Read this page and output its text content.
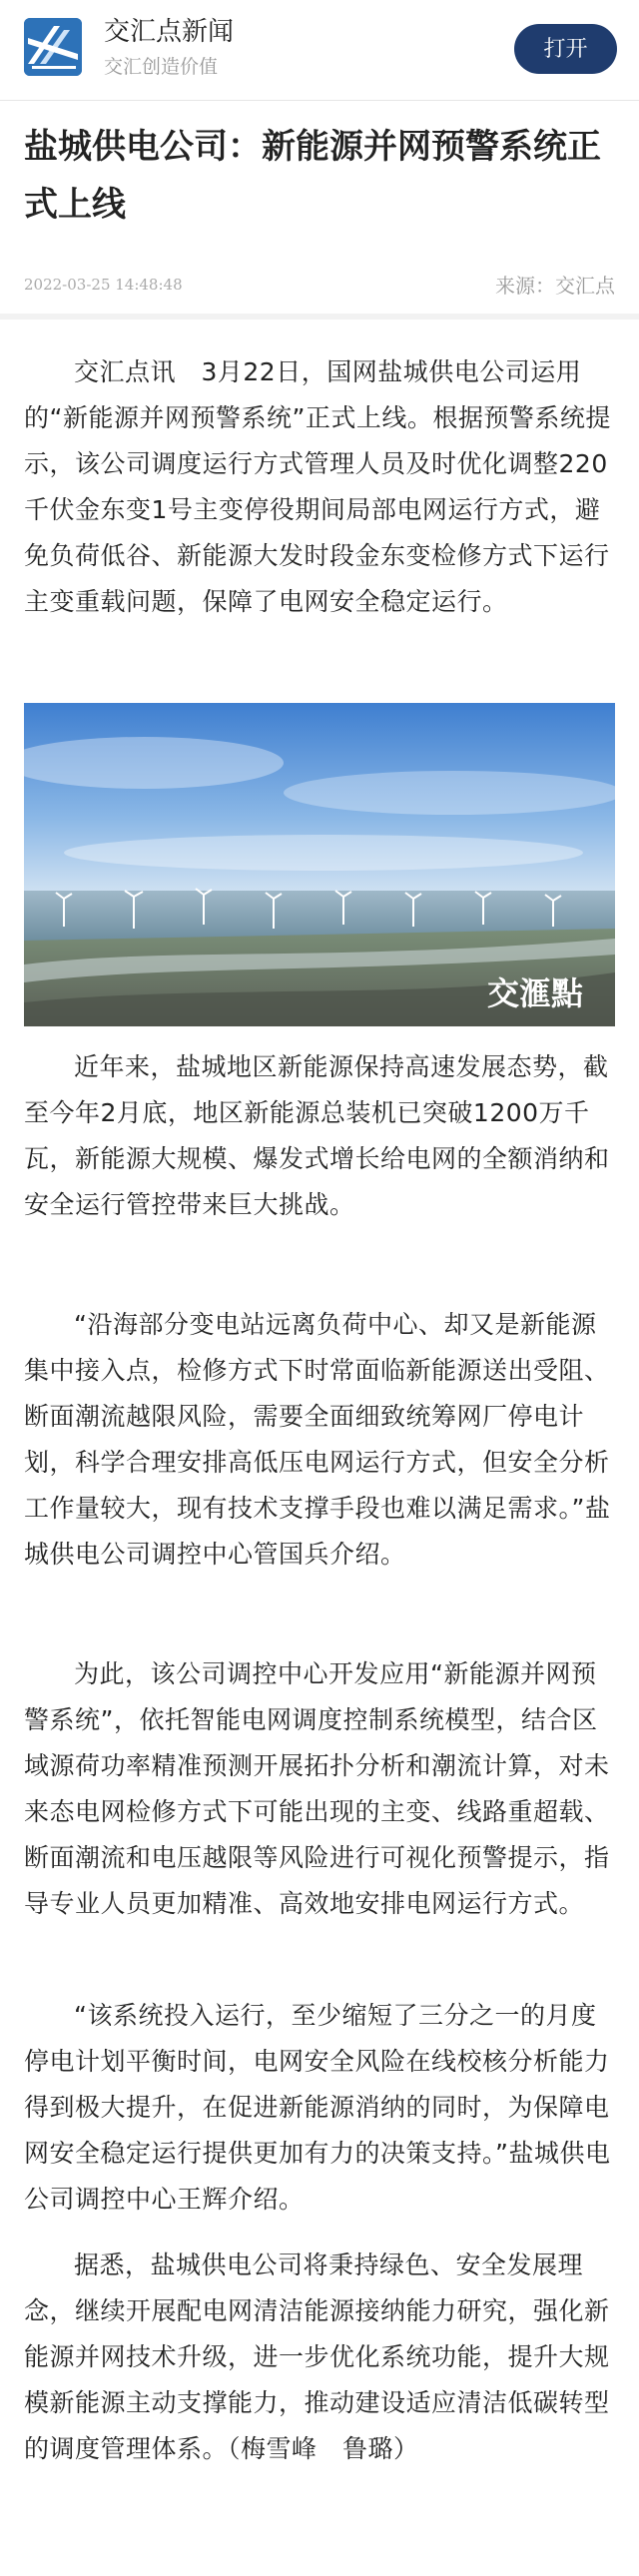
交汇点新闻
交汇创造价值
打开
盐城供电公司：新能源并网预警系统正式上线
2022-03-25 14:48:48	来源：交汇点

交汇点讯　3月22日，国网盐城供电公司运用的“新能源并网预警系统”正式上线。根据预警系统提示，该公司调度运行方式管理人员及时优化调整220千伏金东变1号主变停役期间局部电网运行方式，避免负荷低谷、新能源大发时段金东变检修方式下运行主变重载问题，保障了电网安全稳定运行。

交滙點

近年来，盐城地区新能源保持高速发展态势，截至今年2月底，地区新能源总装机已突破1200万千瓦，新能源大规模、爆发式增长给电网的全额消纳和安全运行管控带来巨大挑战。

“沿海部分变电站远离负荷中心、却又是新能源集中接入点，检修方式下时常面临新能源送出受阻、断面潮流越限风险，需要全面细致统筹网厂停电计划，科学合理安排高低压电网运行方式，但安全分析工作量较大，现有技术支撑手段也难以满足需求。”盐城供电公司调控中心管国兵介绍。

为此，该公司调控中心开发应用“新能源并网预警系统”，依托智能电网调度控制系统模型，结合区域源荷功率精准预测开展拓扑分析和潮流计算，对未来态电网检修方式下可能出现的主变、线路重超载、断面潮流和电压越限等风险进行可视化预警提示，指导专业人员更加精准、高效地安排电网运行方式。

“该系统投入运行，至少缩短了三分之一的月度停电计划平衡时间，电网安全风险在线校核分析能力得到极大提升，在促进新能源消纳的同时，为保障电网安全稳定运行提供更加有力的决策支持。”盐城供电公司调控中心王辉介绍。

据悉，盐城供电公司将秉持绿色、安全发展理念，继续开展配电网清洁能源接纳能力研究，强化新能源并网技术升级，进一步优化系统功能，提升大规模新能源主动支撑能力，推动建设适应清洁低碳转型的调度管理体系。（梅雪峰　鲁璐）
